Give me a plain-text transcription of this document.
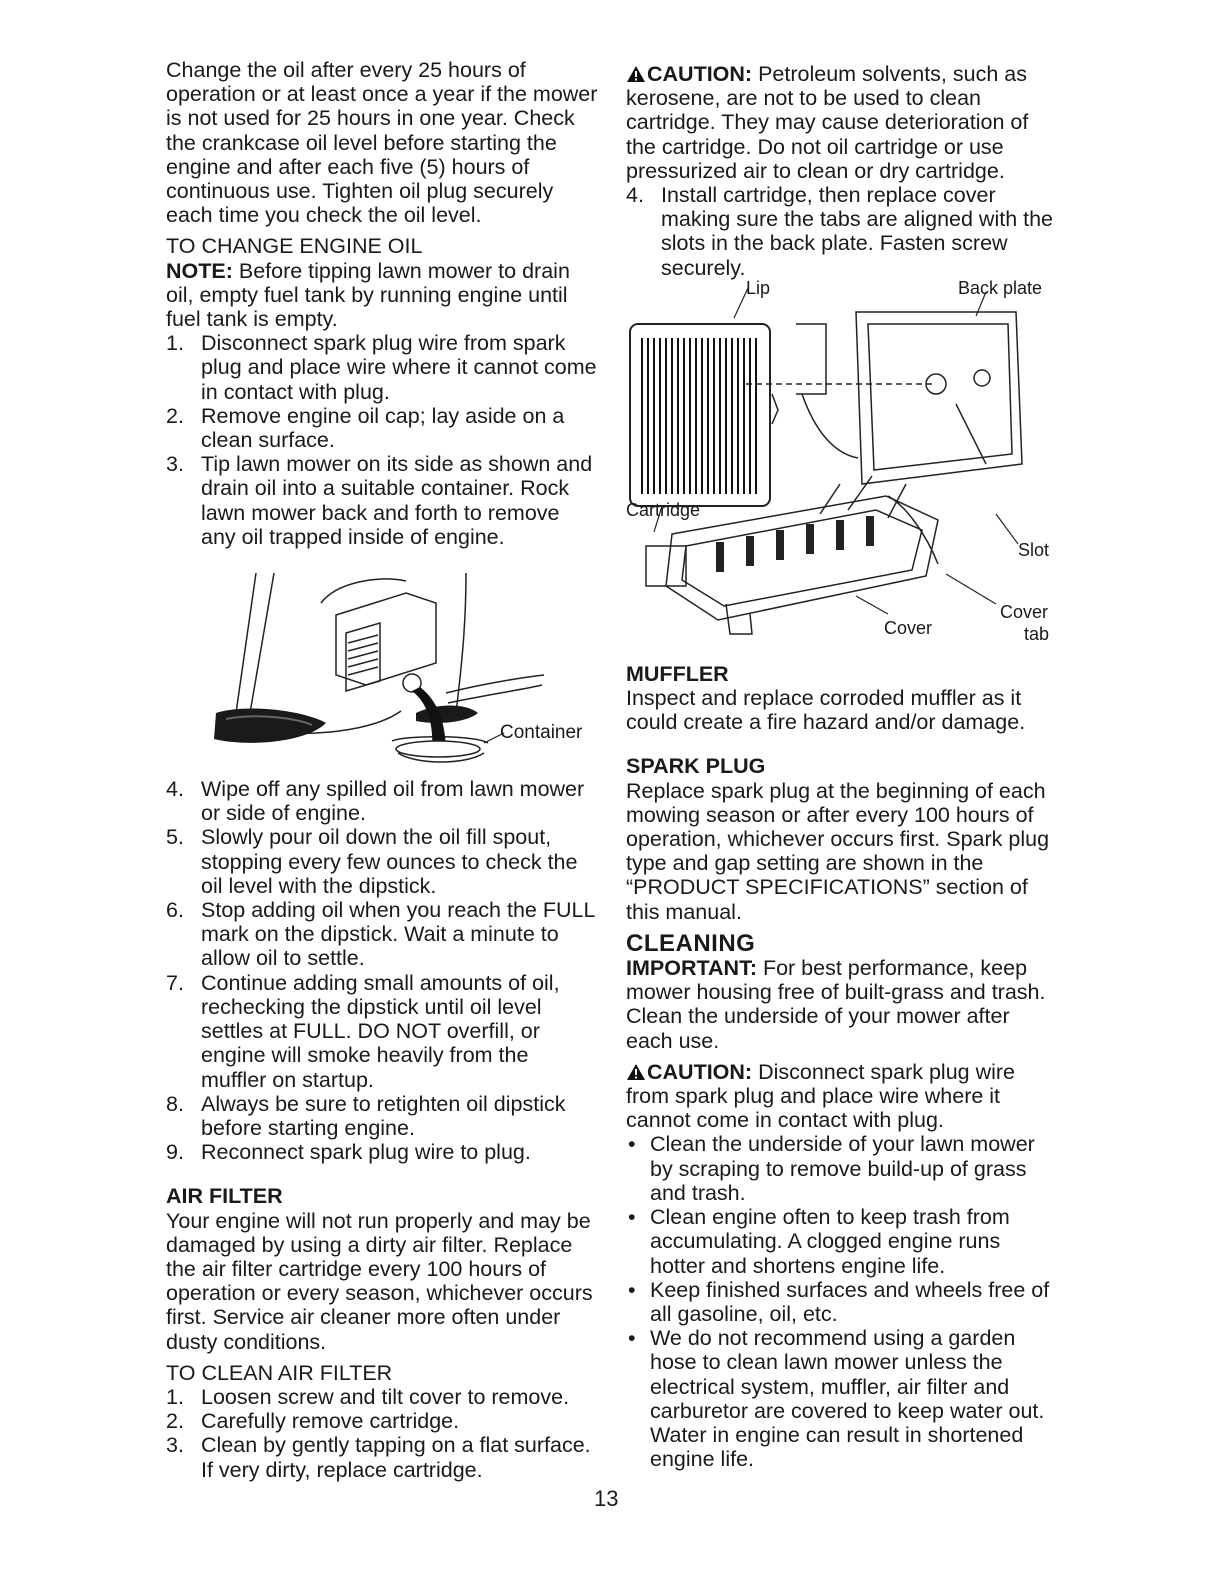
Change the oil after every 25 hours of operation or at least once a year if the mower is not used for 25 hours in one year. Check the crankcase oil level before starting the engine and after each five (5) hours of continuous use. Tighten oil plug securely each time you check the oil level.

TO CHANGE ENGINE OIL

NOTE: Before tipping lawn mower to drain oil, empty fuel tank by running engine until fuel tank is empty.

1. Disconnect spark plug wire from spark plug and place wire where it cannot come in contact with plug.
2. Remove engine oil cap; lay aside on a clean surface.
3. Tip lawn mower on its side as shown and drain oil into a suitable container. Rock lawn mower back and forth to remove any oil trapped inside of engine.
Container
4. Wipe off any spilled oil from lawn mower or side of engine.
5. Slowly pour oil down the oil fill spout, stopping every few ounces to check the oil level with the dipstick.
6. Stop adding oil when you reach the FULL mark on the dipstick. Wait a minute to allow oil to settle.
7. Continue adding small amounts of oil, rechecking the dipstick until oil level settles at FULL. DO NOT overfill, or engine will smoke heavily from the muffler on startup.
8. Always be sure to retighten oil dipstick before starting engine.
9. Reconnect spark plug wire to plug.

AIR FILTER

Your engine will not run properly and may be damaged by using a dirty air filter. Replace the air filter cartridge every 100 hours of operation or every season, whichever occurs first. Service air cleaner more often under dusty conditions.

TO CLEAN AIR FILTER

1. Loosen screw and tilt cover to remove.
2. Carefully remove cartridge.
3. Clean by gently tapping on a flat surface. If very dirty, replace cartridge.

CAUTION: Petroleum solvents, such as kerosene, are not to be used to clean cartridge. They may cause deterioration of the cartridge. Do not oil cartridge or use pressurized air to clean or dry cartridge.

4. Install cartridge, then replace cover making sure the tabs are aligned with the slots in the back plate. Fasten screw securely.
Lip	Back plate
Cartridge
Slot
Cover
Cover
tab

MUFFLER

Inspect and replace corroded muffler as it could create a fire hazard and/or damage.

SPARK PLUG

Replace spark plug at the beginning of each mowing season or after every 100 hours of operation, whichever occurs first. Spark plug type and gap setting are shown in the “PRODUCT SPECIFICATIONS” section of this manual.

CLEANING

IMPORTANT: For best performance, keep mower housing free of built-grass and trash. Clean the underside of your mower after each use.

CAUTION: Disconnect spark plug wire from spark plug and place wire where it cannot come in contact with plug.

• Clean the underside of your lawn mower by scraping to remove build-up of grass and trash.
• Clean engine often to keep trash from accumulating. A clogged engine runs hotter and shortens engine life.
• Keep finished surfaces and wheels free of all gasoline, oil, etc.
• We do not recommend using a garden hose to clean lawn mower unless the electrical system, muffler, air filter and carburetor are covered to keep water out. Water in engine can result in shortened engine life.
13
